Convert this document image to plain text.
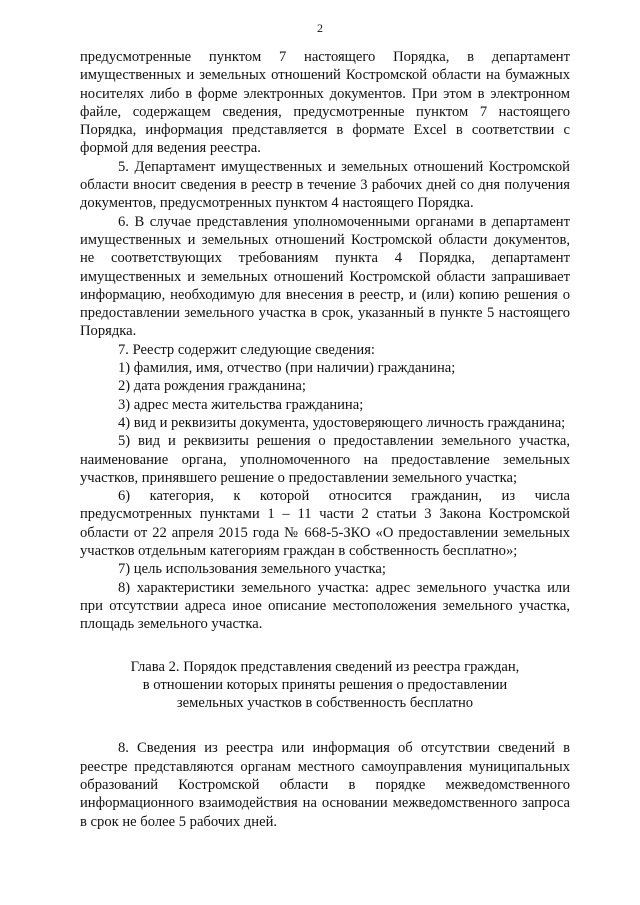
2

предусмотренные пунктом 7 настоящего Порядка, в департамент имущественных и земельных отношений Костромской области на бумажных носителях либо в форме электронных документов. При этом в электронном файле, содержащем сведения, предусмотренные пунктом 7 настоящего Порядка, информация представляется в формате Excel в соответствии с формой для ведения реестра.

5. Департамент имущественных и земельных отношений Костромской области вносит сведения в реестр в течение 3 рабочих дней со дня получения документов, предусмотренных пунктом 4 настоящего Порядка.

6. В случае представления уполномоченными органами в департамент имущественных и земельных отношений Костромской области документов, не соответствующих требованиям пункта 4 Порядка, департамент имущественных и земельных отношений Костромской области запрашивает информацию, необходимую для внесения в реестр, и (или) копию решения о предоставлении земельного участка в срок, указанный в пункте 5 настоящего Порядка.

7. Реестр содержит следующие сведения:

1) фамилия, имя, отчество (при наличии) гражданина;

2) дата рождения гражданина;

3) адрес места жительства гражданина;

4) вид и реквизиты документа, удостоверяющего личность гражданина;

5) вид и реквизиты решения о предоставлении земельного участка, наименование органа, уполномоченного на предоставление земельных участков, принявшего решение о предоставлении земельного участка;

6) категория, к которой относится гражданин, из числа предусмотренных пунктами 1 – 11 части 2 статьи 3 Закона Костромской области от 22 апреля 2015 года № 668-5-ЗКО «О предоставлении земельных участков отдельным категориям граждан в собственность бесплатно»;

7) цель использования земельного участка;

8) характеристики земельного участка: адрес земельного участка или при отсутствии адреса иное описание местоположения земельного участка, площадь земельного участка.

Глава 2. Порядок представления сведений из реестра граждан,
в отношении которых приняты решения о предоставлении
земельных участков в собственность бесплатно

8. Сведения из реестра или информация об отсутствии сведений в реестре представляются органам местного самоуправления муниципальных образований Костромской области в порядке межведомственного информационного взаимодействия на основании межведомственного запроса в срок не более 5 рабочих дней.
